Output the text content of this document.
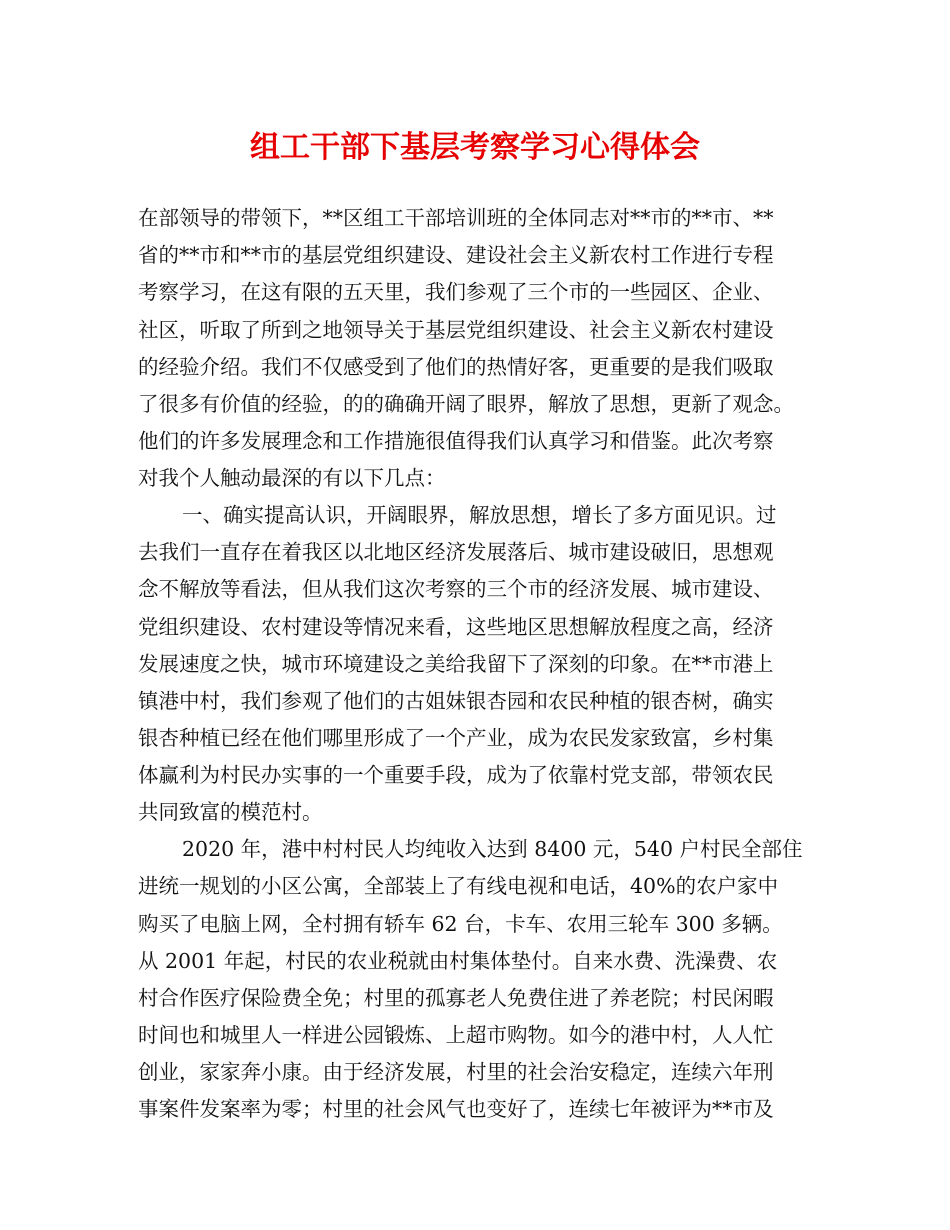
组工干部下基层考察学习心得体会
在部领导的带领下，**区组工干部培训班的全体同志对**市的**市、**
省的**市和**市的基层党组织建设、建设社会主义新农村工作进行专程
考察学习，在这有限的五天里，我们参观了三个市的一些园区、企业、
社区，听取了所到之地领导关于基层党组织建设、社会主义新农村建设
的经验介绍。我们不仅感受到了他们的热情好客，更重要的是我们吸取
了很多有价值的经验，的的确确开阔了眼界，解放了思想，更新了观念。
他们的许多发展理念和工作措施很值得我们认真学习和借鉴。此次考察
对我个人触动最深的有以下几点：
一、确实提高认识，开阔眼界，解放思想，增长了多方面见识。过
去我们一直存在着我区以北地区经济发展落后、城市建设破旧，思想观
念不解放等看法，但从我们这次考察的三个市的经济发展、城市建设、
党组织建设、农村建设等情况来看，这些地区思想解放程度之高，经济
发展速度之快，城市环境建设之美给我留下了深刻的印象。在**市港上
镇港中村，我们参观了他们的古姐妹银杏园和农民种植的银杏树，确实
银杏种植已经在他们哪里形成了一个产业，成为农民发家致富，乡村集
体赢利为村民办实事的一个重要手段，成为了依靠村党支部，带领农民
共同致富的模范村。
2020 年，港中村村民人均纯收入达到 8400 元，540 户村民全部住
进统一规划的小区公寓，全部装上了有线电视和电话，40%的农户家中
购买了电脑上网，全村拥有轿车 62 台，卡车、农用三轮车 300 多辆。
从 2001 年起，村民的农业税就由村集体垫付。自来水费、洗澡费、农
村合作医疗保险费全免；村里的孤寡老人免费住进了养老院；村民闲暇
时间也和城里人一样进公园锻炼、上超市购物。如今的港中村，人人忙
创业，家家奔小康。由于经济发展，村里的社会治安稳定，连续六年刑
事案件发案率为零；村里的社会风气也变好了，连续七年被评为**市及
